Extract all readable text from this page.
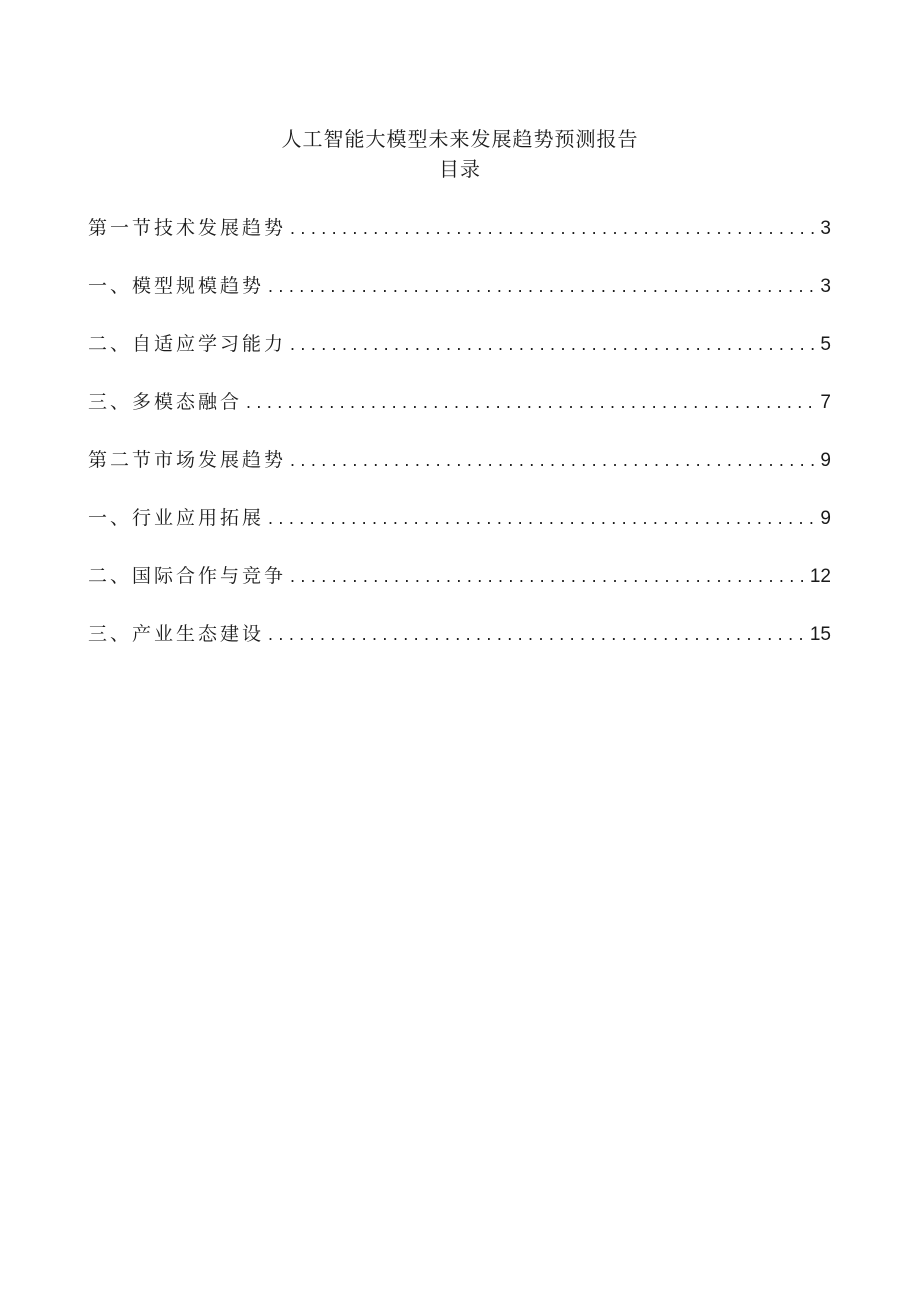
人工智能大模型未来发展趋势预测报告
目录
第一节技术发展趋势 .....	3
一、模型规模趋势 .....	3
二、自适应学习能力 .....	5
三、多模态融合 .....	7
第二节市场发展趋势 .....	9
一、行业应用拓展 .....	9
二、国际合作与竞争 .....	12
三、产业生态建设 .....	15
